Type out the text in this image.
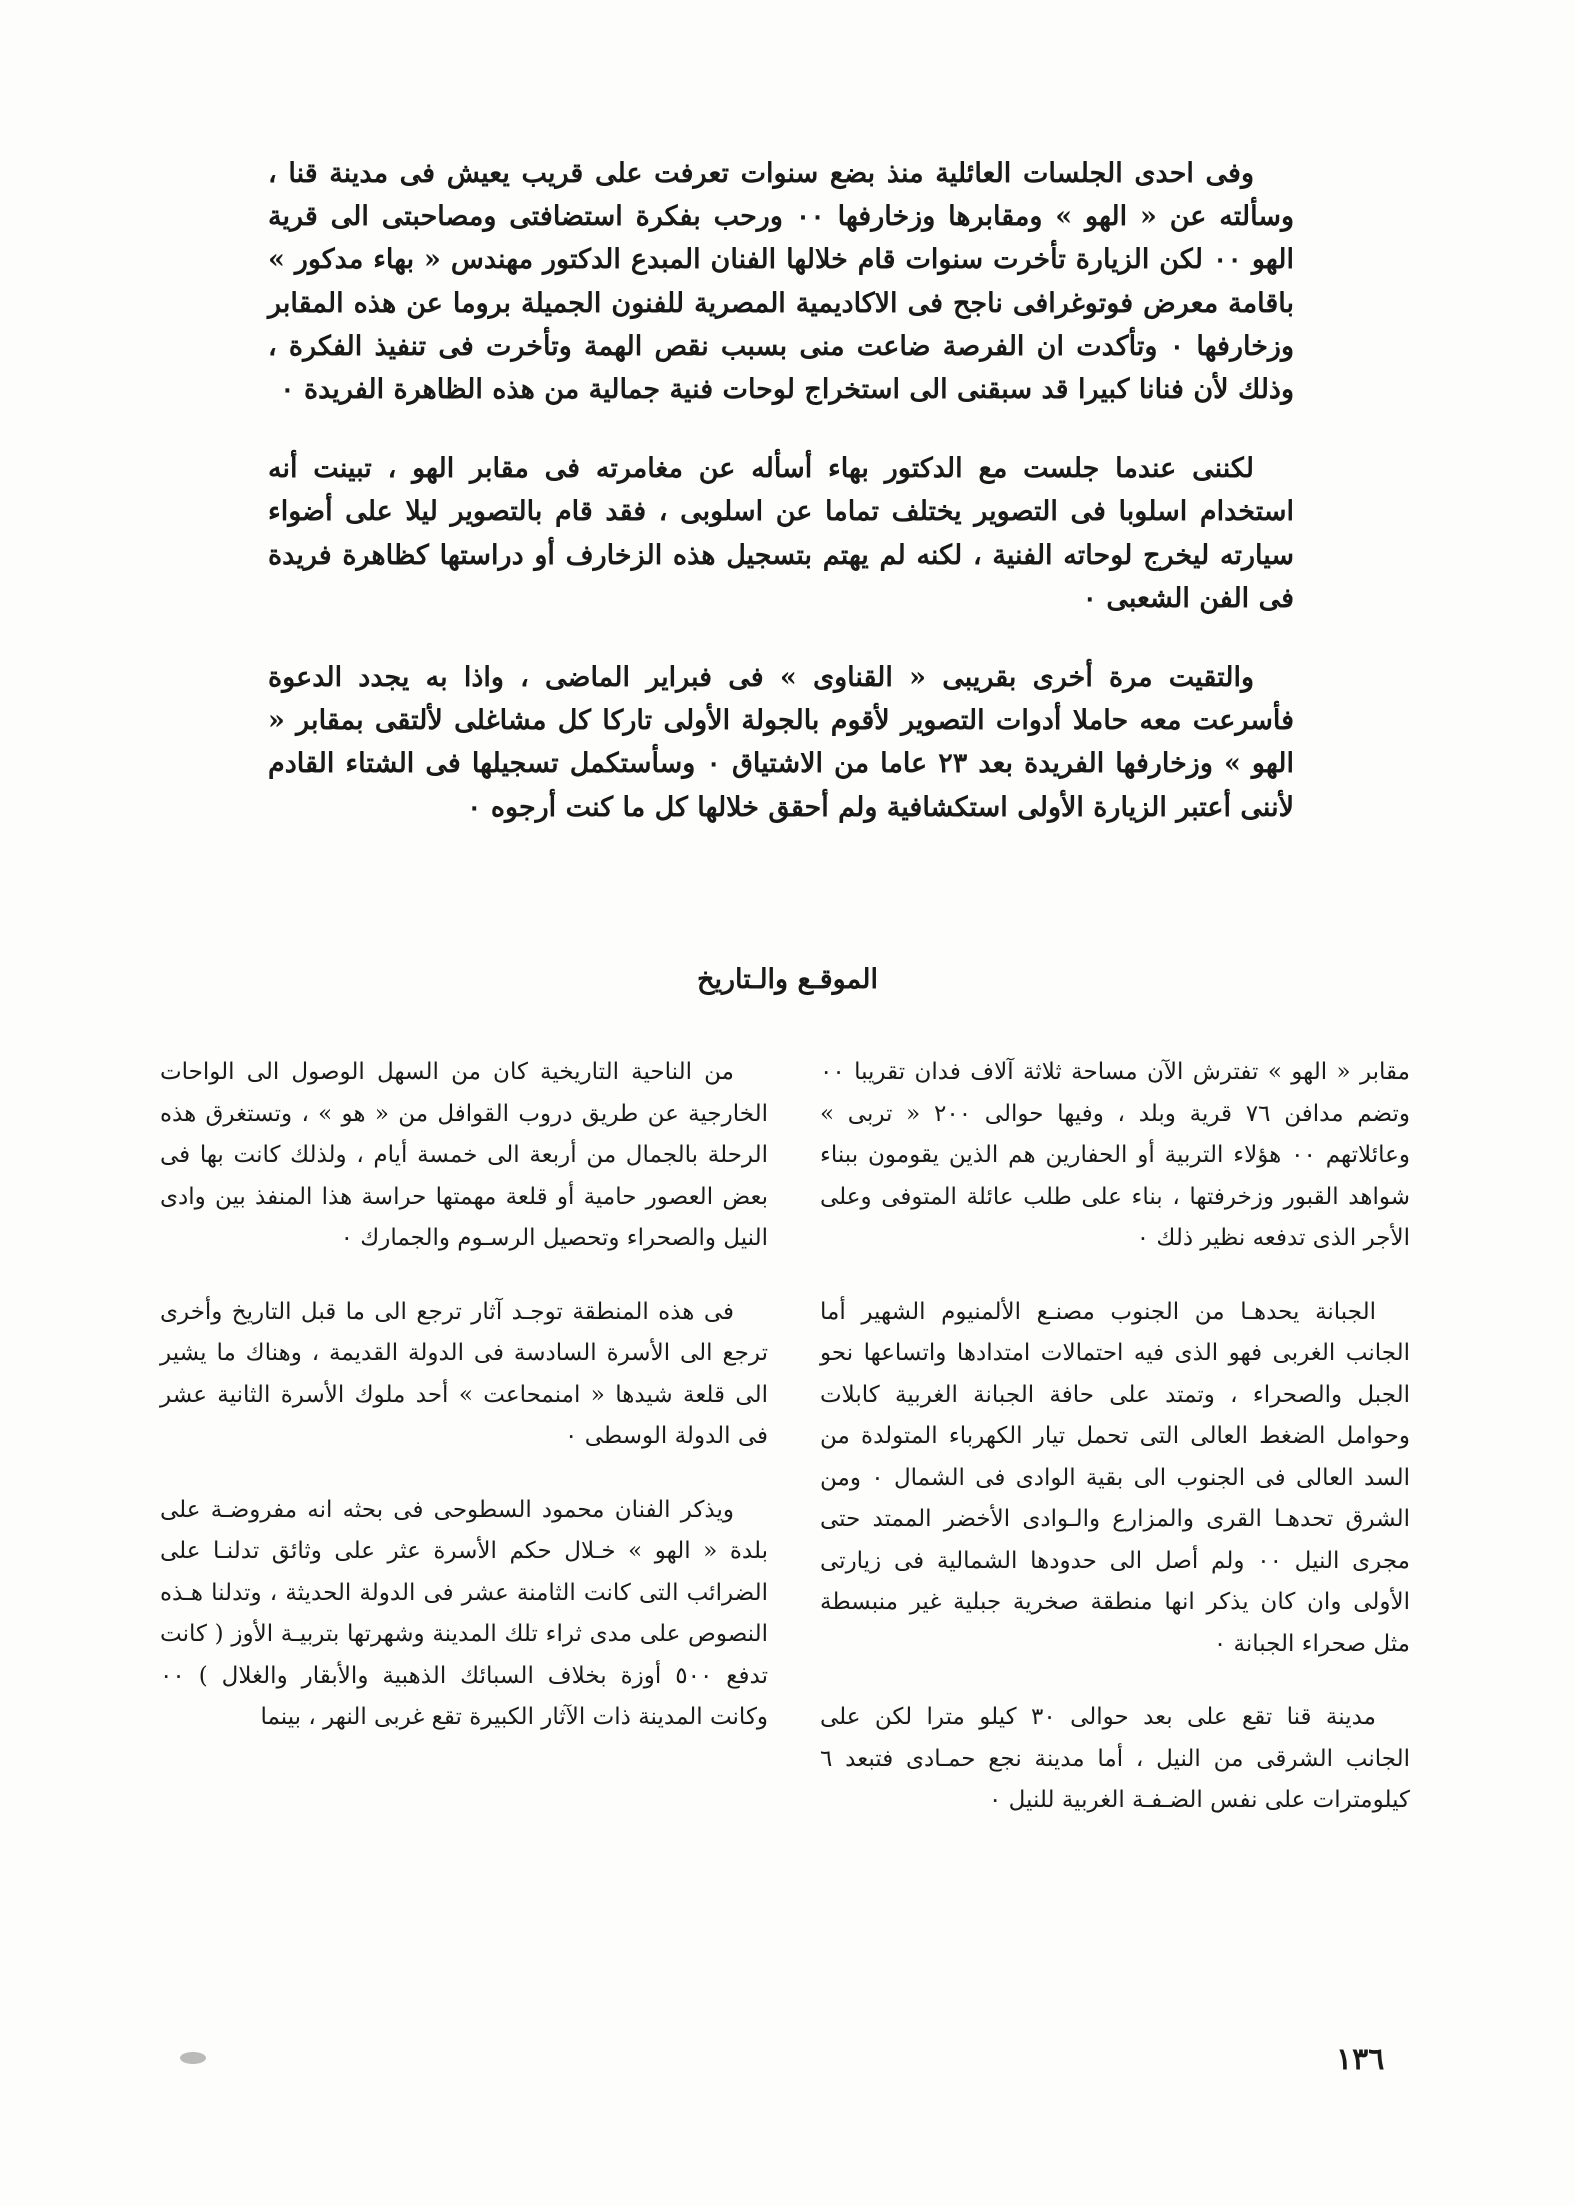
وفى احدى الجلسات العائلية منذ بضع سنوات تعرفت على قريب يعيش فى مدينة قنا ، وسألته عن « الهو » ومقابرها وزخارفها ٠٠ ورحب بفكرة استضافتى ومصاحبتى الى قرية الهو ٠٠ لكن الزيارة تأخرت سنوات قام خلالها الفنان المبدع الدكتور مهندس « بهاء مدكور » باقامة معرض فوتوغرافى ناجح فى الاكاديمية المصرية للفنون الجميلة بروما عن هذه المقابر وزخارفها ٠ وتأكدت ان الفرصة ضاعت منى بسبب نقص الهمة وتأخرت فى تنفيذ الفكرة ، وذلك لأن فنانا كبيرا قد سبقنى الى استخراج لوحات فنية جمالية من هذه الظاهرة الفريدة ٠

لكننى عندما جلست مع الدكتور بهاء أسأله عن مغامرته فى مقابر الهو ، تبينت أنه استخدام اسلوبا فى التصوير يختلف تماما عن اسلوبى ، فقد قام بالتصوير ليلا على أضواء سيارته ليخرج لوحاته الفنية ، لكنه لم يهتم بتسجيل هذه الزخارف أو دراستها كظاهرة فريدة فى الفن الشعبى ٠

والتقيت مرة أخرى بقريبى « القناوى » فى فبراير الماضى ، واذا به يجدد الدعوة فأسرعت معه حاملا أدوات التصوير لأقوم بالجولة الأولى تاركا كل مشاغلى لألتقى بمقابر « الهو » وزخارفها الفريدة بعد ٢٣ عاما من الاشتياق ٠ وسأستكمل تسجيلها فى الشتاء القادم لأننى أعتبر الزيارة الأولى استكشافية ولم أحقق خلالها كل ما كنت أرجوه ٠

الموقـع والـتاريخ

مقابر « الهو » تفترش الآن مساحة ثلاثة آلاف فدان تقريبا ٠٠ وتضم مدافن ٧٦ قرية وبلد ، وفيها حوالى ٢٠٠ « تربى » وعائلاتهم ٠٠ هؤلاء التربية أو الحفارين هم الذين يقومون ببناء شواهد القبور وزخرفتها ، بناء على طلب عائلة المتوفى وعلى الأجر الذى تدفعه نظير ذلك ٠

الجبانة يحدهـا من الجنوب مصنـع الألمنيوم الشهير أما الجانب الغربى فهو الذى فيه احتمالات امتدادها واتساعها نحو الجبل والصحراء ، وتمتد على حافة الجبانة الغربية كابلات وحوامل الضغط العالى التى تحمل تيار الكهرباء المتولدة من السد العالى فى الجنوب الى بقية الوادى فى الشمال ٠ ومن الشرق تحدهـا القرى والمزارع والـوادى الأخضر الممتد حتى مجرى النيل ٠٠ ولم أصل الى حدودها الشمالية فى زيارتى الأولى وان كان يذكر انها منطقة صخرية جبلية غير منبسطة مثل صحراء الجبانة ٠

مدينة قنا تقع على بعد حوالى ٣٠ كيلو مترا لكن على الجانب الشرقى من النيل ، أما مدينة نجع حمـادى فتبعد ٦ كيلومترات على نفس الضـفـة الغربية للنيل ٠

من الناحية التاريخية كان من السهل الوصول الى الواحات الخارجية عن طريق دروب القوافل من « هو » ، وتستغرق هذه الرحلة بالجمال من أربعة الى خمسة أيام ، ولذلك كانت بها فى بعض العصور حامية أو قلعة مهمتها حراسة هذا المنفذ بين وادى النيل والصحراء وتحصيل الرسـوم والجمارك ٠

فى هذه المنطقة توجـد آثار ترجع الى ما قبل التاريخ وأخرى ترجع الى الأسرة السادسة فى الدولة القديمة ، وهناك ما يشير الى قلعة شيدها « امنمحاعت » أحد ملوك الأسرة الثانية عشر فى الدولة الوسطى ٠

ويذكر الفنان محمود السطوحى فى بحثه انه مفروضـة على بلدة « الهو » خـلال حكم الأسرة عثر على وثائق تدلنـا على الضرائب التى كانت الثامنة عشر فى الدولة الحديثة ، وتدلنا هـذه النصوص على مدى ثراء تلك المدينة وشهرتها بتربيـة الأوز ( كانت تدفع ٥٠٠ أوزة بخلاف السبائك الذهبية والأبقار والغلال ) ٠٠ وكانت المدينة ذات الآثار الكبيرة تقع غربى النهر ، بينما

١٣٦
